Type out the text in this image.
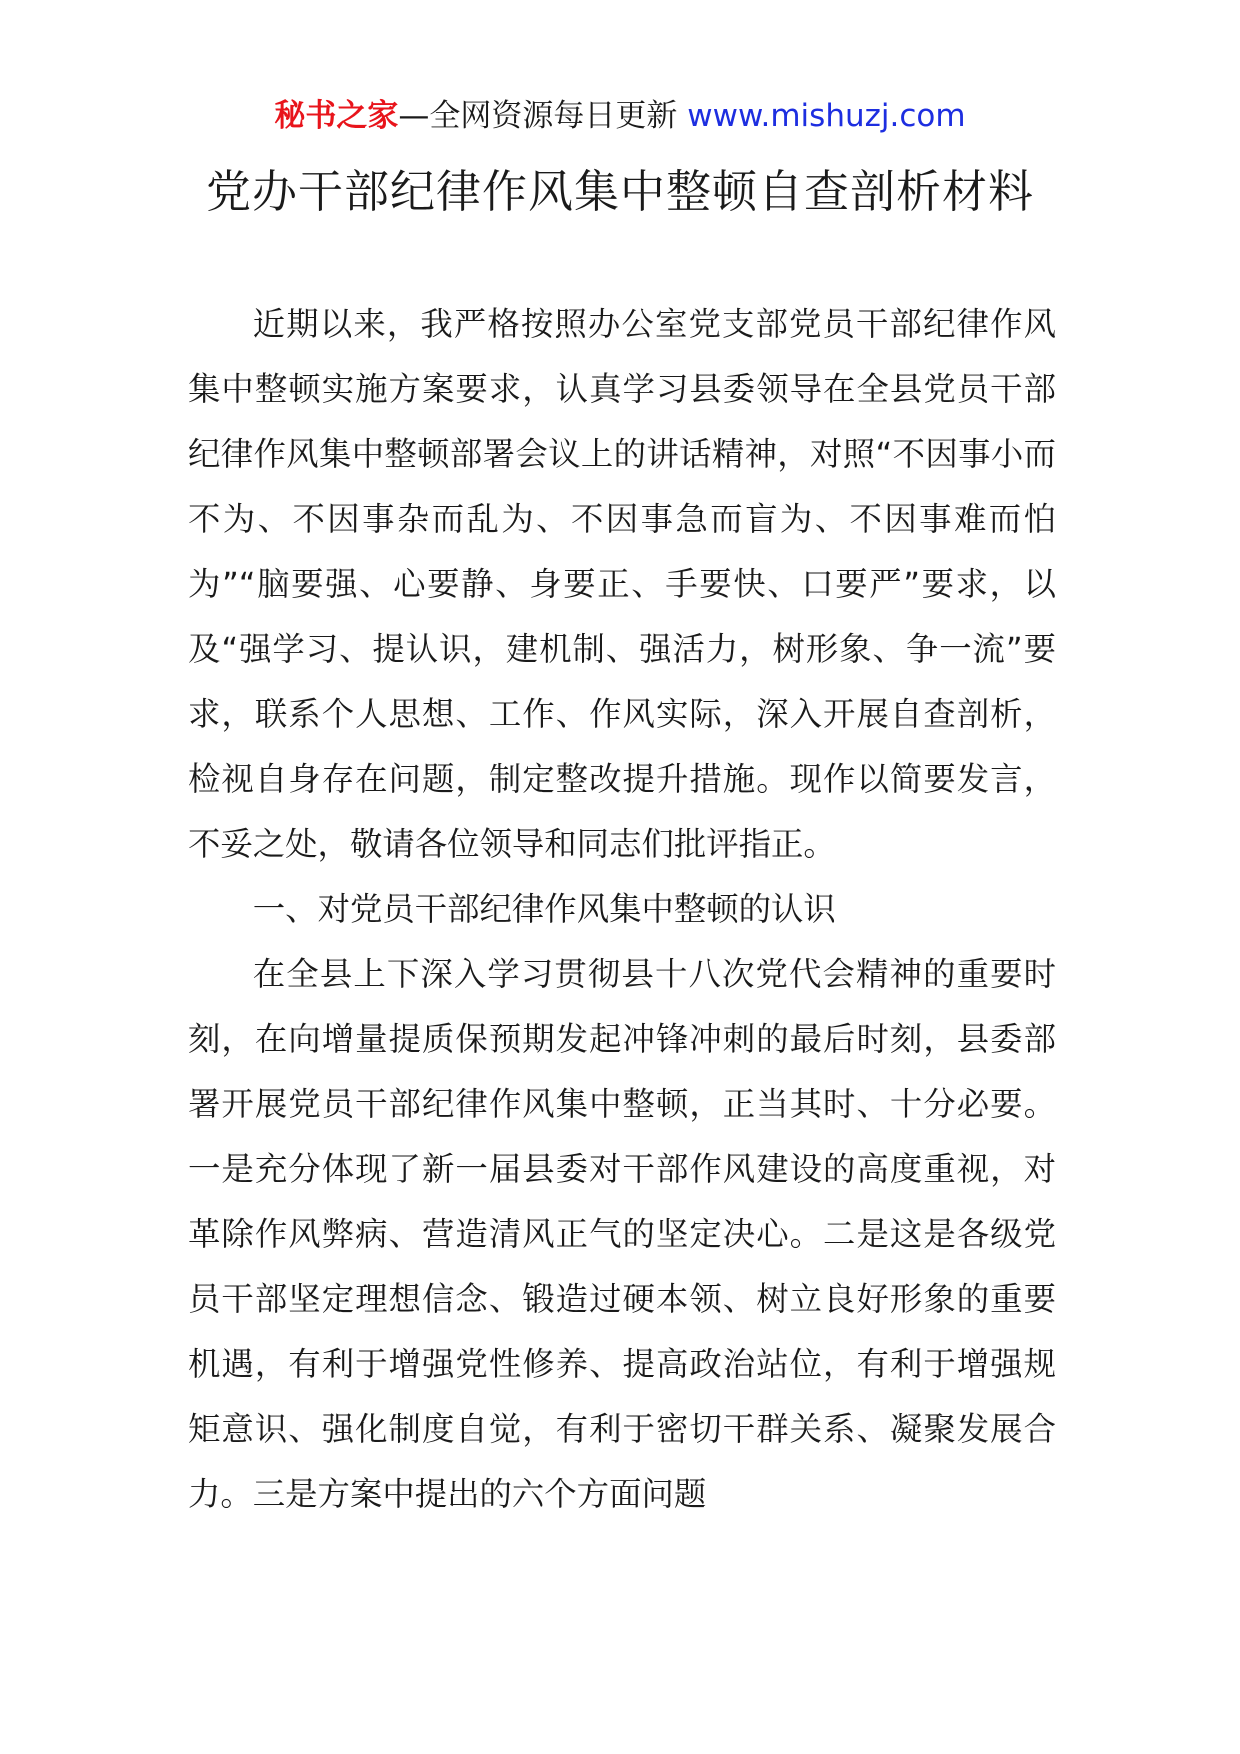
秘书之家—全网资源每日更新 www.mishuzj.com
党办干部纪律作风集中整顿自查剖析材料

近期以来，我严格按照办公室党支部党员干部纪律作风集中整顿实施方案要求，认真学习县委领导在全县党员干部纪律作风集中整顿部署会议上的讲话精神，对照“不因事小而不为、不因事杂而乱为、不因事急而盲为、不因事难而怕为”“脑要强、心要静、身要正、手要快、口要严”要求，以及“强学习、提认识，建机制、强活力，树形象、争一流”要求，联系个人思想、工作、作风实际，深入开展自查剖析，检视自身存在问题，制定整改提升措施。现作以简要发言，不妥之处，敬请各位领导和同志们批评指正。

一、对党员干部纪律作风集中整顿的认识

在全县上下深入学习贯彻县十八次党代会精神的重要时刻，在向增量提质保预期发起冲锋冲刺的最后时刻，县委部署开展党员干部纪律作风集中整顿，正当其时、十分必要。一是充分体现了新一届县委对干部作风建设的高度重视，对革除作风弊病、营造清风正气的坚定决心。二是这是各级党员干部坚定理想信念、锻造过硬本领、树立良好形象的重要机遇，有利于增强党性修养、提高政治站位，有利于增强规矩意识、强化制度自觉，有利于密切干群关系、凝聚发展合力。三是方案中提出的六个方面问题
